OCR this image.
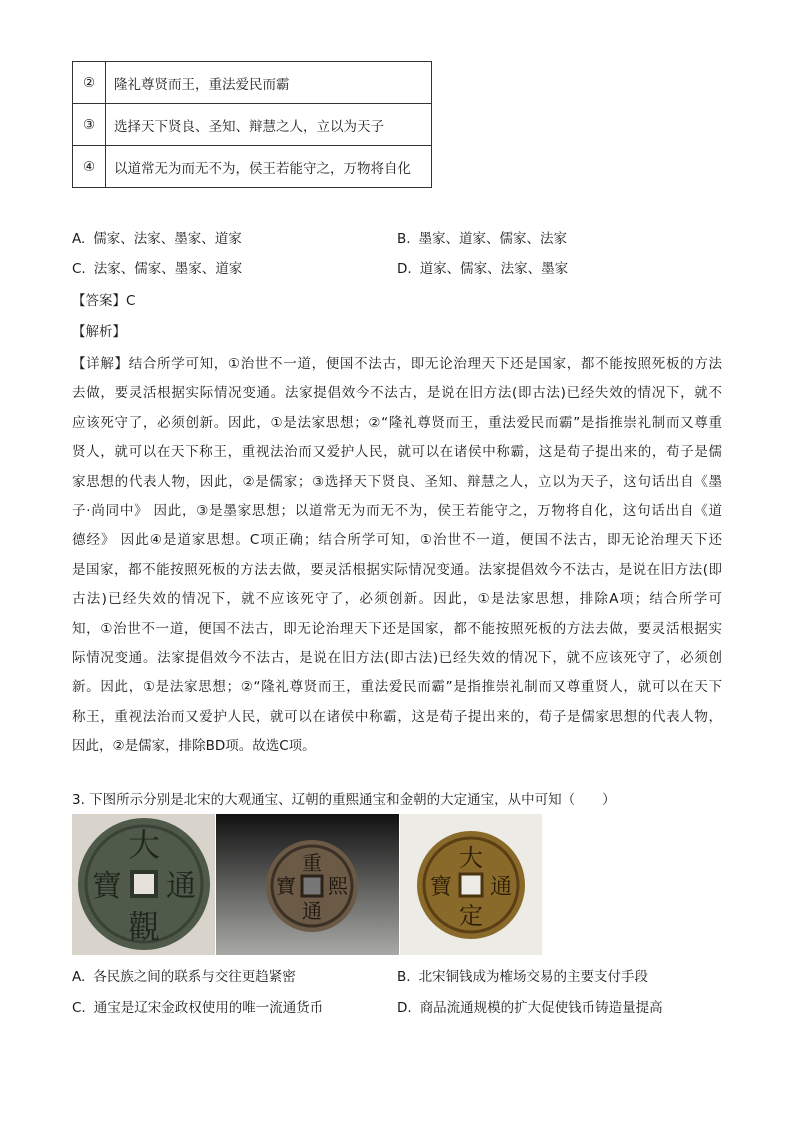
②	隆礼尊贤而王，重法爱民而霸
③	选择天下贤良、圣知、辩慧之人，立以为天子
④	以道常无为而无不为，侯王若能守之，万物将自化
A. 儒家、法家、墨家、道家	B. 墨家、道家、儒家、法家
C. 法家、儒家、墨家、道家	D. 道家、儒家、法家、墨家
【答案】C
【解析】
【详解】结合所学可知，①治世不一道，便国不法古，即无论治理天下还是国家，都不能按照死板的方法
去做，要灵活根据实际情况变通。法家提倡效今不法古，是说在旧方法(即古法)已经失效的情况下，就不
应该死守了，必须创新。因此，①是法家思想；②“隆礼尊贤而王，重法爱民而霸”是指推崇礼制而又尊重
贤人，就可以在天下称王，重视法治而又爱护人民，就可以在诸侯中称霸，这是荀子提出来的，荀子是儒
家思想的代表人物，因此，②是儒家；③选择天下贤良、圣知、辩慧之人，立以为天子，这句话出自《墨
子·尚同中》 因此，③是墨家思想；以道常无为而无不为，侯王若能守之，万物将自化，这句话出自《道
德经》 因此④是道家思想。C项正确；结合所学可知，①治世不一道，便国不法古，即无论治理天下还
是国家，都不能按照死板的方法去做，要灵活根据实际情况变通。法家提倡效今不法古，是说在旧方法(即
古法)已经失效的情况下，就不应该死守了，必须创新。因此，①是法家思想，排除A项；结合所学可
知，①治世不一道，便国不法古，即无论治理天下还是国家，都不能按照死板的方法去做，要灵活根据实
际情况变通。法家提倡效今不法古，是说在旧方法(即古法)已经失效的情况下，就不应该死守了，必须创
新。因此，①是法家思想；②“隆礼尊贤而王，重法爱民而霸”是指推崇礼制而又尊重贤人，就可以在天下
称王，重视法治而又爱护人民，就可以在诸侯中称霸，这是荀子提出来的，荀子是儒家思想的代表人物，
因此，②是儒家，排除BD项。故选C项。
3. 下图所示分别是北宋的大观通宝、辽朝的重熙通宝和金朝的大定通宝，从中可知（　　）
大
通
觀
寶
重
熙
通
寶
大
通
定
寶
A. 各民族之间的联系与交往更趋紧密	B. 北宋铜钱成为榷场交易的主要支付手段
C. 通宝是辽宋金政权使用的唯一流通货币	D. 商品流通规模的扩大促使钱币铸造量提高
